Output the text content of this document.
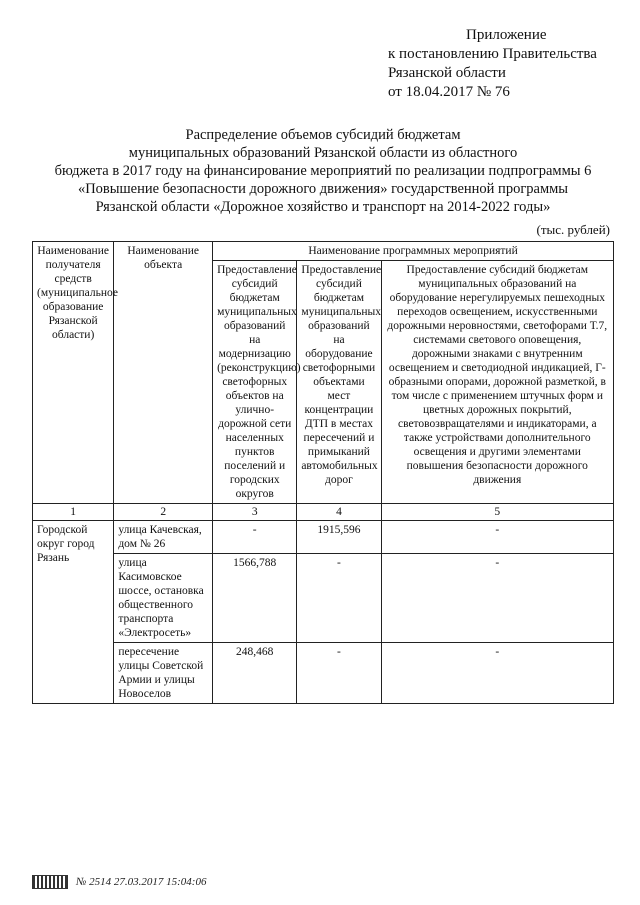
Приложение
к постановлению Правительства
Рязанской области
от 18.04.2017 № 76
Распределение объемов субсидий бюджетам
муниципальных образований Рязанской области из областного
бюджета в 2017 году на финансирование мероприятий по реализации подпрограммы 6
«Повышение безопасности дорожного движения» государственной программы
Рязанской области «Дорожное хозяйство и транспорт на 2014-2022 годы»
(тыс. рублей)
Наименование получателя средств (муниципальное образование Рязанской области)	Наименование объекта	Наименование программных мероприятий		
		Предоставление субсидий бюджетам муниципальных образований на модернизацию (реконструкцию) светофорных объектов на улично-дорожной сети населенных пунктов поселений и городских округов	Предоставление субсидий бюджетам муниципальных образований на оборудование светофорными объектами мест концентрации ДТП в местах пересечений и примыканий автомобильных дорог	Предоставление субсидий бюджетам муниципальных образований на оборудование нерегулируемых пешеходных переходов освещением, искусственными дорожными неровностями, светофорами Т.7, системами светового оповещения, дорожными знаками с внутренним освещением и светодиодной индикацией, Г-образными опорами, дорожной разметкой, в том числе с применением штучных форм и цветных дорожных покрытий, световозвращателями и индикаторами, а также устройствами дополнительного освещения и другими элементами повышения безопасности дорожного движения
1	2	3	4	5
Городской округ город Рязань	улица Качевская, дом № 26	-	1915,596	-
	улица Касимовское шоссе, остановка общественного транспорта «Электросеть»	1566,788	-	-
	пересечение улицы Советской Армии и улицы Новоселов	248,468	-	-
№ 2514 27.03.2017 15:04:06
